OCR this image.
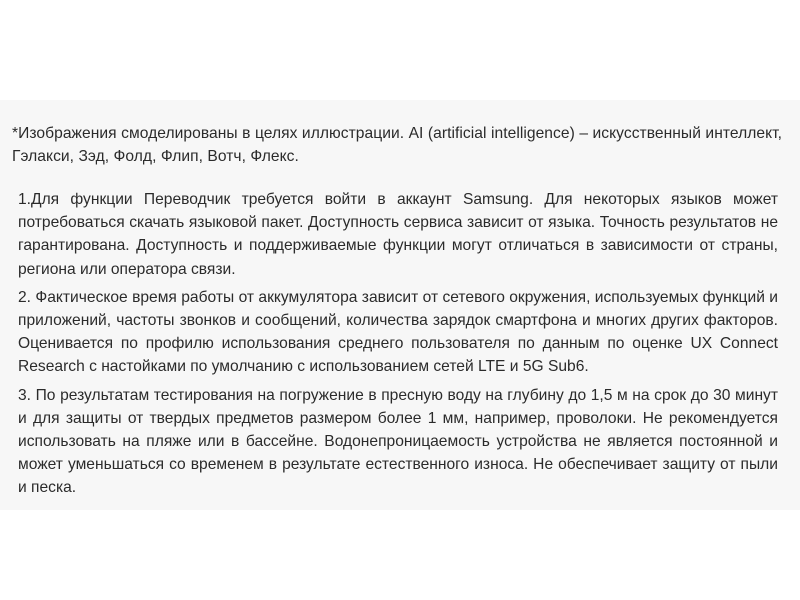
*Изображения смоделированы в целях иллюстрации. AI (artificial intelligence) – искусственный интеллект, Гэлакси, Зэд, Фолд, Флип, Вотч, Флекс.

1.Для функции Переводчик требуется войти в аккаунт Samsung. Для некоторых языков может потребоваться скачать языковой пакет. Доступность сервиса зависит от языка. Точность результатов не гарантирована. Доступность и поддерживаемые функции могут отличаться в зависимости от страны, региона или оператора связи.
2. Фактическое время работы от аккумулятора зависит от сетевого окружения, используемых функций и приложений, частоты звонков и сообщений, количества зарядок смартфона и многих других факторов. Оценивается по профилю использования среднего пользователя по данным по оценке UX Connect Research с настойками по умолчанию с использованием сетей LTE и 5G Sub6.
3. По результатам тестирования на погружение в пресную воду на глубину до 1,5 м на срок до 30 минут и для защиты от твердых предметов размером более 1 мм, например, проволоки. Не рекомендуется использовать на пляже или в бассейне. Водонепроницаемость устройства не является постоянной и может уменьшаться со временем в результате естественного износа. Не обеспечивает защиту от пыли и песка.
